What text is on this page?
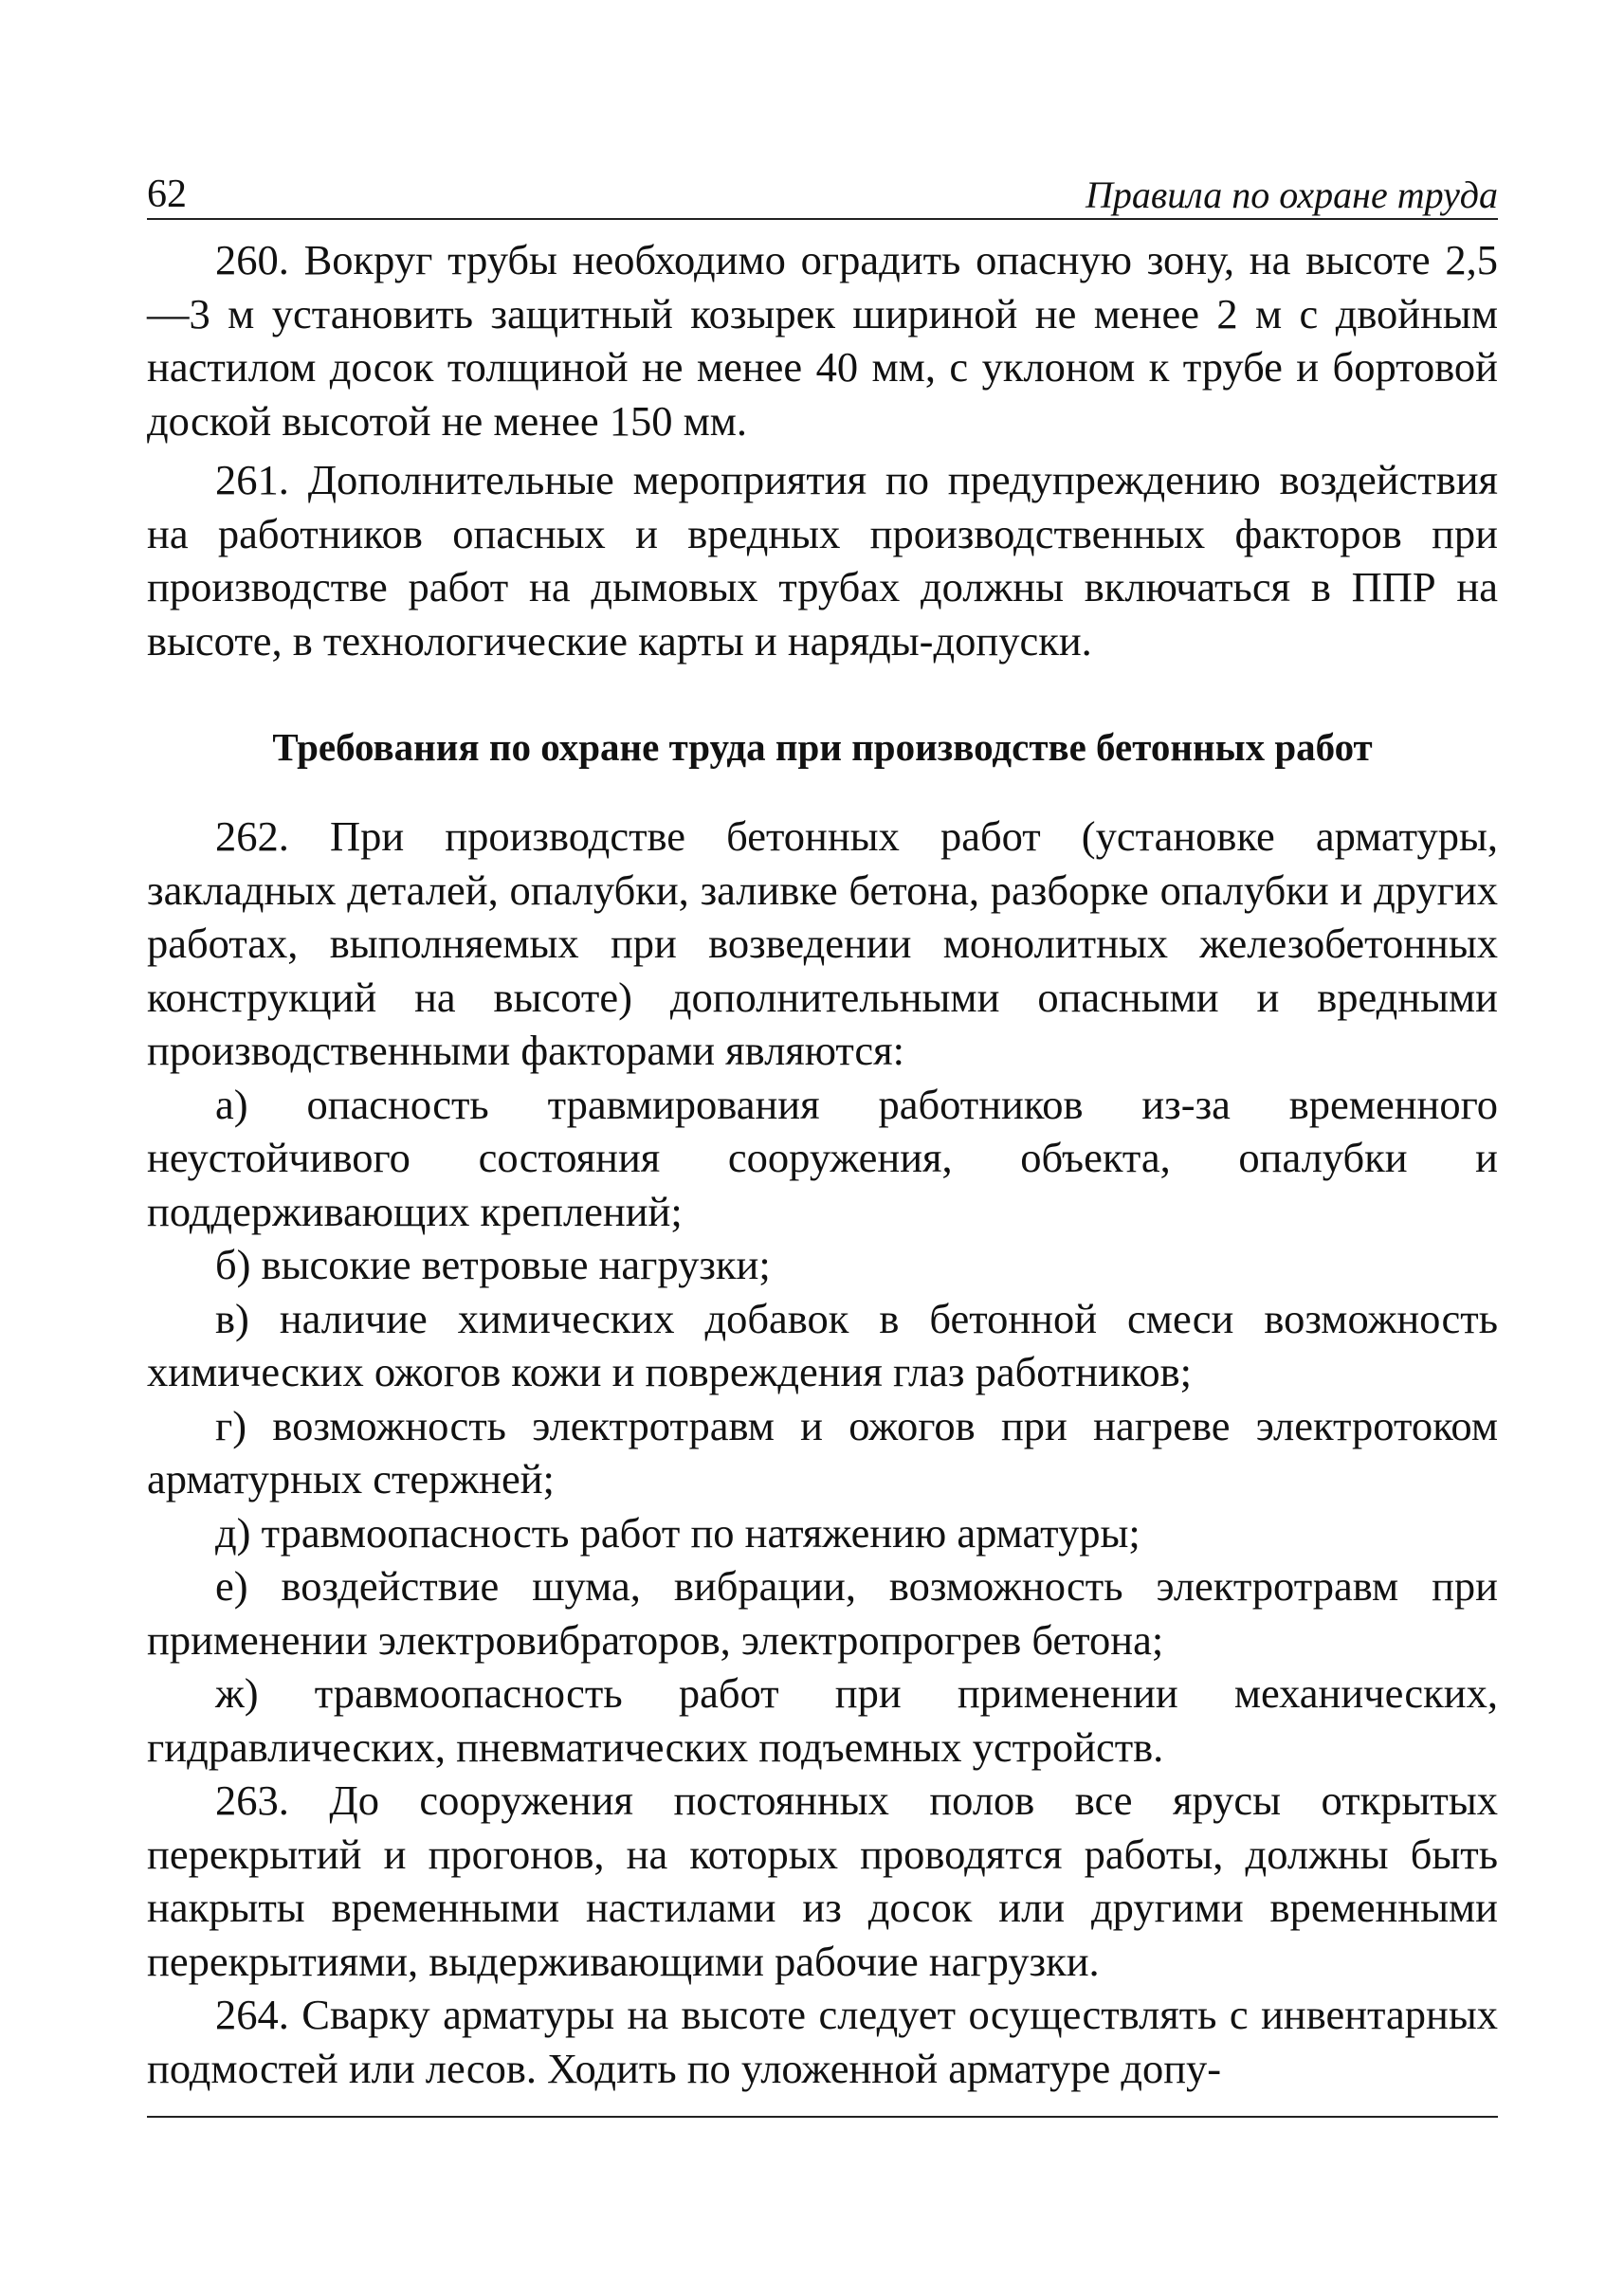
62	Правила по охране труда

260. Вокруг трубы необходимо оградить опасную зону, на высоте 2,5—3 м установить защитный козырек шириной не менее 2 м с двойным настилом досок толщиной не менее 40 мм, с уклоном к трубе и бортовой доской высотой не менее 150 мм.

261. Дополнительные мероприятия по предупреждению воздействия на работников опасных и вредных производственных факторов при производстве работ на дымовых трубах должны включаться в ППР на высоте, в технологические карты и наряды-допуски.

Требования по охране труда при производстве бетонных работ

262. При производстве бетонных работ (установке арматуры, закладных деталей, опалубки, заливке бетона, разборке опалубки и других работах, выполняемых при возведении монолитных железобетонных конструкций на высоте) дополнительными опасными и вредными производственными факторами являются:

а) опасность травмирования работников из-за временного неустойчивого состояния сооружения, объекта, опалубки и поддерживающих креплений;

б) высокие ветровые нагрузки;

в) наличие химических добавок в бетонной смеси возможность химических ожогов кожи и повреждения глаз работников;

г) возможность электротравм и ожогов при нагреве электротоком арматурных стержней;

д) травмоопасность работ по натяжению арматуры;

е) воздействие шума, вибрации, возможность электротравм при применении электровибраторов, электропрогрев бетона;

ж) травмоопасность работ при применении механических, гидравлических, пневматических подъемных устройств.

263. До сооружения постоянных полов все ярусы открытых перекрытий и прогонов, на которых проводятся работы, должны быть накрыты временными настилами из досок или другими временными перекрытиями, выдерживающими рабочие нагрузки.

264. Сварку арматуры на высоте следует осуществлять с инвентарных подмостей или лесов. Ходить по уложенной арматуре допу-
